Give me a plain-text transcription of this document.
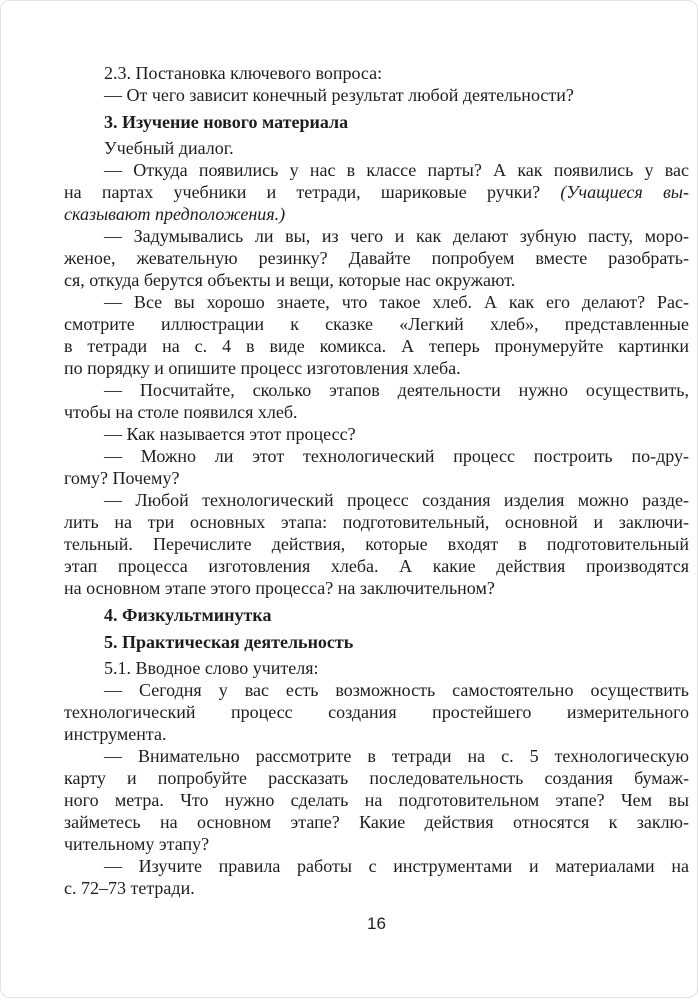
2.3. Постановка ключевого вопроса:
— От чего зависит конечный результат любой деятельности?
3. Изучение нового материала
Учебный диалог.
— Откуда появились у нас в классе парты? А как появились у вас
на партах учебники и тетради, шариковые ручки? (Учащиеся вы-
сказывают предположения.)
— Задумывались ли вы, из чего и как делают зубную пасту, моро-
женое, жевательную резинку? Давайте попробуем вместе разобрать-
ся, откуда берутся объекты и вещи, которые нас окружают.
— Все вы хорошо знаете, что такое хлеб. А как его делают? Рас-
смотрите иллюстрации к сказке «Легкий хлеб», представленные
в тетради на с. 4 в виде комикса. А теперь пронумеруйте картинки
по порядку и опишите процесс изготовления хлеба.
— Посчитайте, сколько этапов деятельности нужно осуществить,
чтобы на столе появился хлеб.
— Как называется этот процесс?
— Можно ли этот технологический процесс построить по-дру-
гому? Почему?
— Любой технологический процесс создания изделия можно разде-
лить на три основных этапа: подготовительный, основной и заключи-
тельный. Перечислите действия, которые входят в подготовительный
этап процесса изготовления хлеба. А какие действия производятся
на основном этапе этого процесса? на заключительном?
4. Физкультминутка
5. Практическая деятельность
5.1. Вводное слово учителя:
— Сегодня у вас есть возможность самостоятельно осуществить
технологический процесс создания простейшего измерительного
инструмента.
— Внимательно рассмотрите в тетради на с. 5 технологическую
карту и попробуйте рассказать последовательность создания бумаж-
ного метра. Что нужно сделать на подготовительном этапе? Чем вы
займетесь на основном этапе? Какие действия относятся к заклю-
чительному этапу?
— Изучите правила работы с инструментами и материалами на
с. 72–73 тетради.
16
